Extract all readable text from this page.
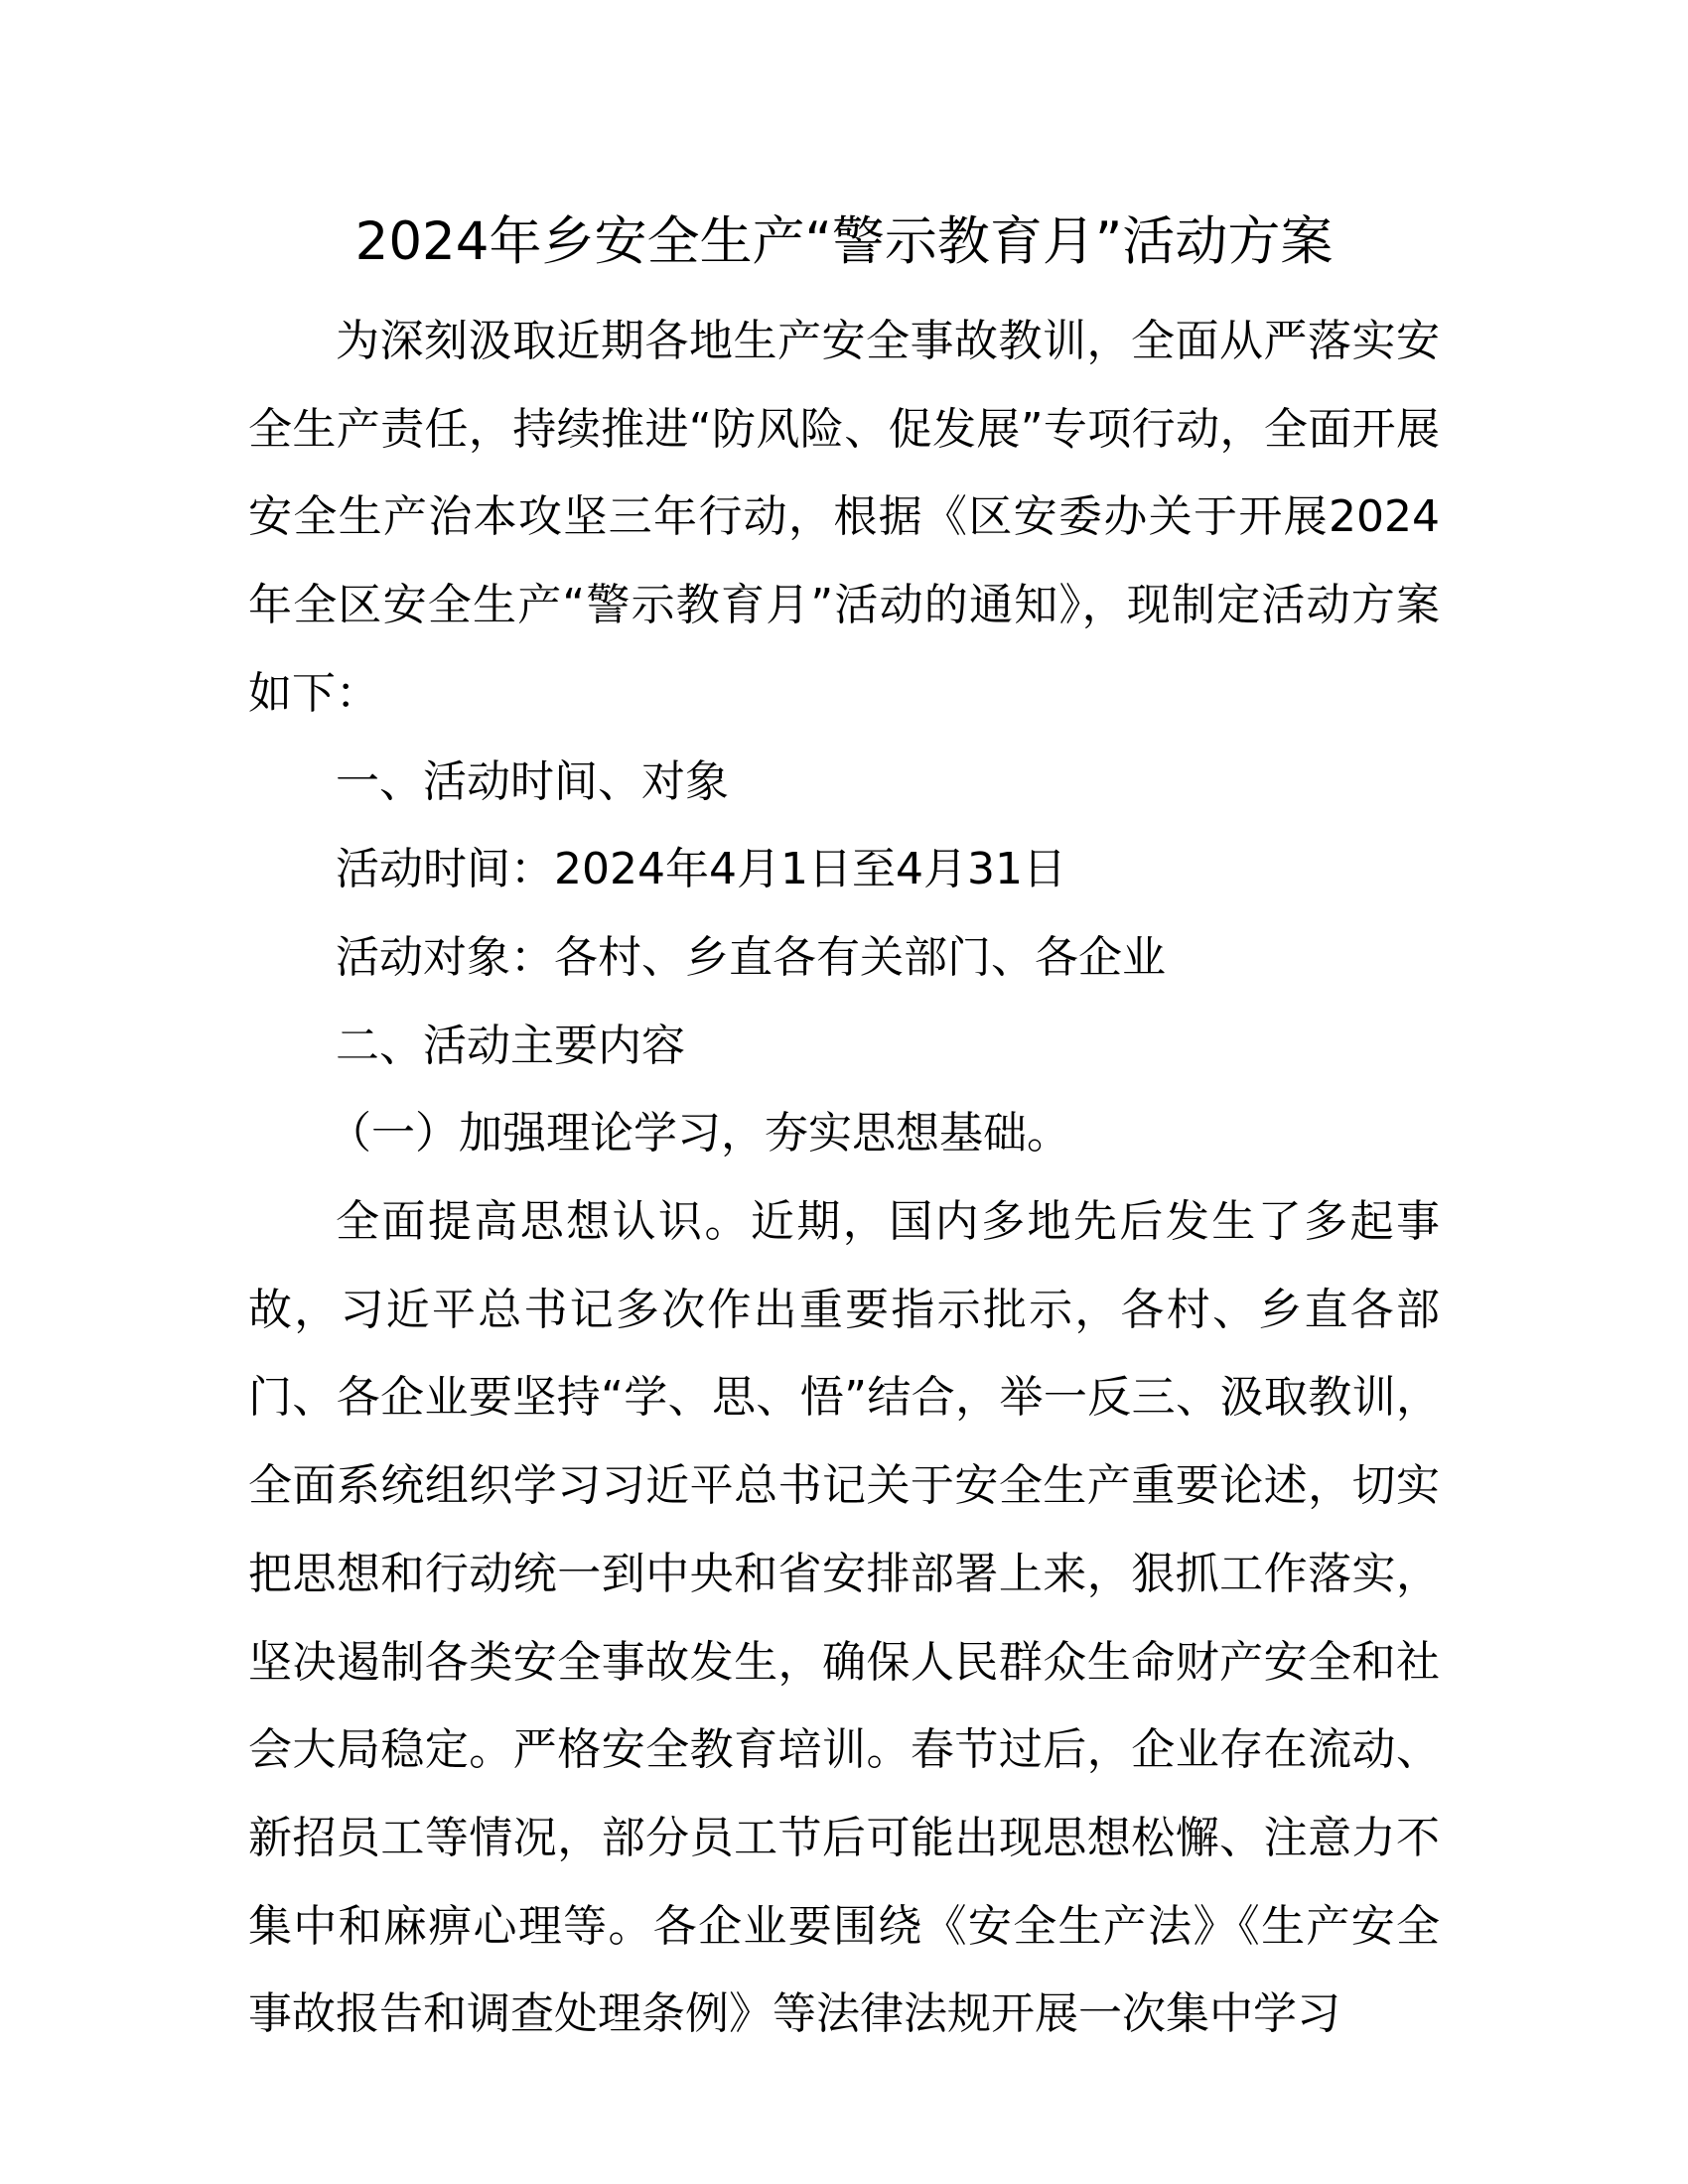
2024年乡安全生产“警示教育月”活动方案

为深刻汲取近期各地生产安全事故教训，全面从严落实安全生产责任，持续推进“防风险、促发展”专项行动，全面开展安全生产治本攻坚三年行动，根据《区安委办关于开展2024年全区安全生产“警示教育月”活动的通知》，现制定活动方案如下：

一、活动时间、对象

活动时间：2024年4月1日至4月31日

活动对象：各村、乡直各有关部门、各企业

二、活动主要内容

（一）加强理论学习，夯实思想基础。

全面提高思想认识。近期，国内多地先后发生了多起事故，习近平总书记多次作出重要指示批示，各村、乡直各部门、各企业要坚持“学、思、悟”结合，举一反三、汲取教训，全面系统组织学习习近平总书记关于安全生产重要论述，切实把思想和行动统一到中央和省安排部署上来，狠抓工作落实，坚决遏制各类安全事故发生，确保人民群众生命财产安全和社会大局稳定。严格安全教育培训。春节过后，企业存在流动、新招员工等情况，部分员工节后可能出现思想松懈、注意力不集中和麻痹心理等。各企业要围绕《安全生产法》《生产安全事故报告和调查处理条例》等法律法规开展一次集中学习
